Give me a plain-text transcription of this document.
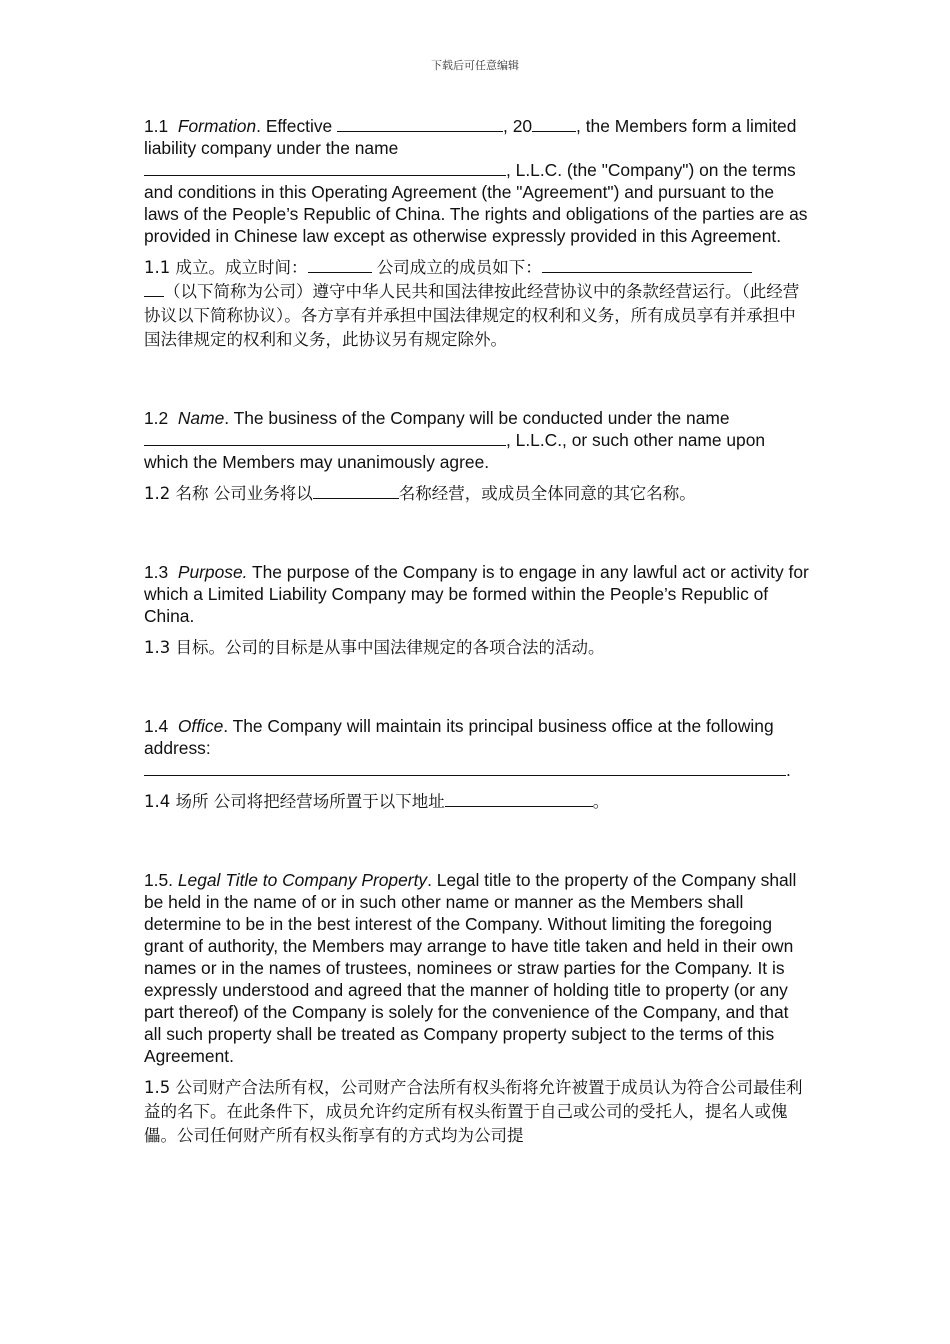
下载后可任意编辑

1.1 Formation. Effective	, 20	, the Members form a limited liability company under the name
, L.L.C. (the "Company") on the terms and conditions in this Operating Agreement (the "Agreement") and pursuant to the laws of the People’s Republic of China. The rights and obligations of the parties are as provided in Chinese law except as otherwise expressly provided in this Agreement.

1.1 成立。成立时间：	公司成立的成员如下：
（以下简称为公司）遵守中华人民共和国法律按此经营协议中的条款经营运行。（此经营协议以下简称协议）。各方享有并承担中国法律规定的权利和义务，所有成员享有并承担中国法律规定的权利和义务，此协议另有规定除外。

1.2 Name. The business of the Company will be conducted under the name
, L.L.C., or such other name upon which the Members may unanimously agree.

1.2 名称 公司业务将以	名称经营，或成员全体同意的其它名称。

1.3 Purpose. The purpose of the Company is to engage in any lawful act or activity for which a Limited Liability Company may be formed within the People’s Republic of China.

1.3 目标。公司的目标是从事中国法律规定的各项合法的活动。

1.4 Office. The Company will maintain its principal business office at the following address:
.

1.4 场所 公司将把经营场所置于以下地址	。

1.5. Legal Title to Company Property. Legal title to the property of the Company shall be held in the name of or in such other name or manner as the Members shall determine to be in the best interest of the Company. Without limiting the foregoing grant of authority, the Members may arrange to have title taken and held in their own names or in the names of trustees, nominees or straw parties for the Company. It is expressly understood and agreed that the manner of holding title to property (or any part thereof) of the Company is solely for the convenience of the Company, and that all such property shall be treated as Company property subject to the terms of this Agreement.

1.5 公司财产合法所有权，公司财产合法所有权头衔将允许被置于成员认为符合公司最佳利益的名下。在此条件下，成员允许约定所有权头衔置于自己或公司的受托人，提名人或傀儡。公司任何财产所有权头衔享有的方式均为公司提
